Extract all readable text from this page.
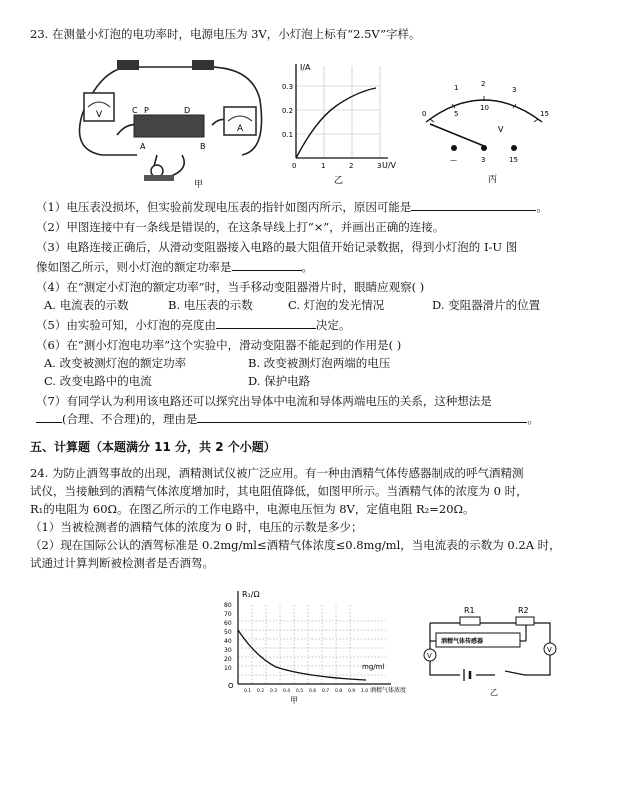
23. 在测量小灯泡的电功率时，电源电压为 3V，小灯泡上标有“2.5V”字样。
V
A
C P	D
A	B
甲
I/A
U/V
0.3
0.2
0.1
0	1	2	3
乙
1	2
3
0	5
10
15
V
—	3	15
丙
（1）电压表没损坏，但实验前发现电压表的指针如图丙所示，原因可能是	。
（2）甲图连接中有一条线是错误的，在这条导线上打“×”，并画出正确的连接。
（3）电路连接正确后，从滑动变阻器接入电路的最大阻值开始记录数据，得到小灯泡的 I-U 图
像如图乙所示，则小灯泡的额定功率是	。
（4）在“测定小灯泡的额定功率”时，当手移动变阻器滑片时，眼睛应观察( )
A. 电流表的示数	B. 电压表的示数	C. 灯泡的发光情况	D. 变阻器滑片的位置
（5）由实验可知，小灯泡的亮度由	决定。
（6）在“测小灯泡电功率”这个实验中，滑动变阻器不能起到的作用是( )
A. 改变被测灯泡的额定功率	B. 改变被测灯泡两端的电压
C. 改变电路中的电流	D. 保护电路
（7）有同学认为利用该电路还可以探究出导体中电流和导体两端电压的关系，这种想法是
(合理、不合理)的，理由是	。
五、计算题（本题满分 11 分，共 2 个小题）
24. 为防止酒驾事故的出现，酒精测试仪被广泛应用。有一种由酒精气体传感器制成的呼气酒精测
试仪，当接触到的酒精气体浓度增加时，其电阻值降低，如图甲所示。当酒精气体的浓度为 0 时，
R₁的电阻为 60Ω。在图乙所示的工作电路中，电源电压恒为 8V，定值电阻 R₂=20Ω。
（1）当被检测者的酒精气体的浓度为 0 时，电压的示数是多少；
（2）现在国际公认的酒驾标准是 0.2mg/ml≤酒精气体浓度≤0.8mg/ml，当电流表的示数为 0.2A 时，
试通过计算判断被检测者是否酒驾。
R₁/Ω
mg/ml
80
70
60
50
40
30
20
10
O
0.1 0.2 0.3 0.4 0.5 0.6 0.7 0.8 0.9 1.0
甲
酒精气体浓度
R1	R2
酒精气体传感器
V
V
乙
